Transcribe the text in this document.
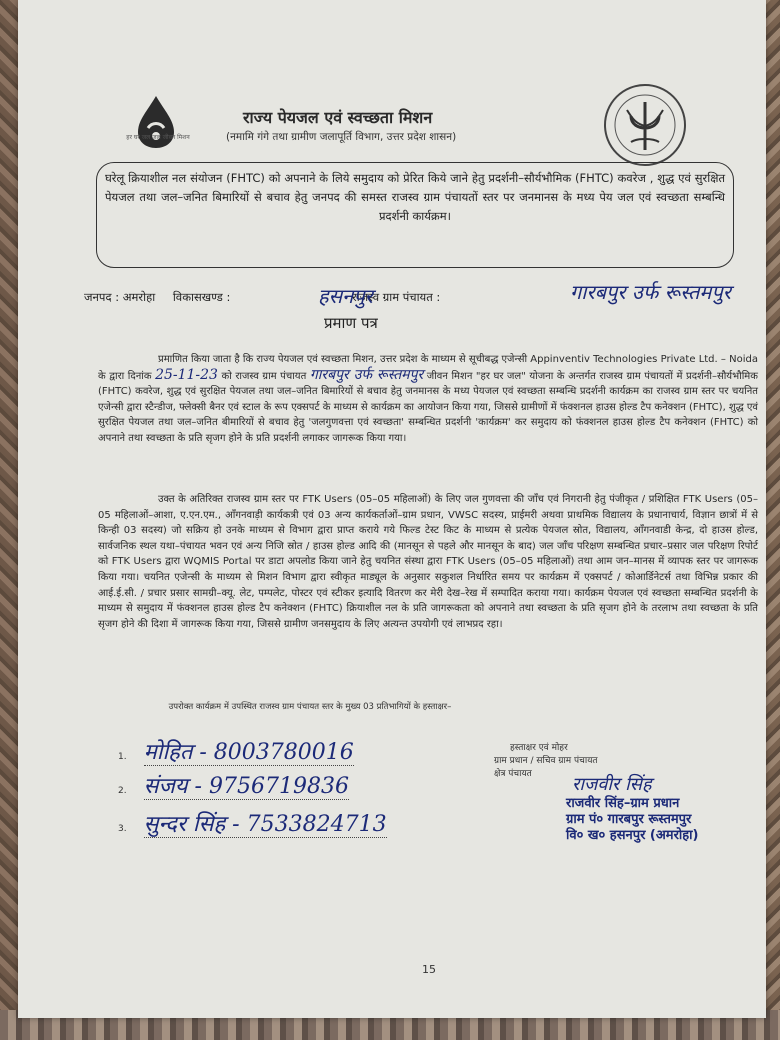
हर घर जल जल जीवन मिशन
राज्य पेयजल एवं स्वच्छता मिशन
(नमामि गंगे तथा ग्रामीण जलापूर्ति विभाग, उत्तर प्रदेश शासन)
घरेलू क्रियाशील नल संयोजन (FHTC) को अपनाने के लिये समुदाय को प्रेरित किये जाने हेतु प्रदर्शनी–सौर्यभौमिक (FHTC) कवरेज , शुद्ध एवं सुरक्षित पेयजल तथा जल–जनित बिमारियों से बचाव हेतु जनपद की समस्त राजस्व ग्राम पंचायतों स्तर पर जनमानस के मध्य पेय जल एवं स्वच्छता सम्बन्धि प्रदर्शनी कार्यक्रम।
जनपद : अमरोहा विकासखण्ड :	राजस्व ग्राम पंचायत :
हसनपुर	गारबपुर उर्फ रूस्तमपुर
प्रमाण पत्र
प्रमाणित किया जाता है कि राज्य पेयजल एवं स्वच्छता मिशन, उत्तर प्रदेश के माध्यम से सूचीबद्ध एजेन्सी Appinventiv Technologies Private Ltd. – Noida के द्वारा दिनांक 25-11-23 को राजस्व ग्राम पंचायत गारबपुर उर्फ रूस्तमपुर जीवन मिशन "हर घर जल" योजना के अन्तर्गत राजस्व ग्राम पंचायतों में प्रदर्शनी–सौर्यभौमिक (FHTC) कवरेज, शुद्ध एवं सुरक्षित पेयजल तथा जल–जनित बिमारियों से बचाव हेतु जनमानस के मध्य पेयजल एवं स्वच्छता सम्बन्धि प्रदर्शनी कार्यक्रम का राजस्व ग्राम स्तर पर चयनित एजेन्सी द्वारा स्टैन्डीज, फ्लेक्सी बैनर एवं स्टाल के रूप एक्सपर्ट के माध्यम से कार्यक्रम का आयोजन किया गया, जिससे ग्रामीणों में फंक्शनल हाउस होल्ड टैप कनेक्शन (FHTC), शुद्ध एवं सुरक्षित पेयजल तथा जल–जनित बीमारियों से बचाव हेतु 'जलगुणवत्ता एवं स्वच्छता' सम्बन्धित प्रदर्शनी 'कार्यक्रम' कर समुदाय को फंक्शनल हाउस होल्ड टैप कनेक्शन (FHTC) को अपनाने तथा स्वच्छता के प्रति सृजग होने के प्रति प्रदर्शनी लगाकर जागरूक किया गया।
उक्त के अतिरिक्त राजस्व ग्राम स्तर पर FTK Users (05–05 महिलाओं) के लिए जल गुणवत्ता की जाँच एवं निगरानी हेतु पंजीकृत / प्रशिक्षित FTK Users (05–05 महिलाओं–आशा, ए.एन.एम., आँगनवाड़ी कार्यकत्री एवं 03 अन्य कार्यकर्ताओं–ग्राम प्रधान, VWSC सदस्य, प्राईमरी अथवा प्राथमिक विद्यालय के प्रधानाचार्य, विज्ञान छात्रों में से किन्ही 03 सदस्य) जो सक्रिय हो उनके माध्यम से विभाग द्वारा प्राप्त कराये गये फिल्ड टेस्ट किट के माध्यम से प्रत्येक पेयजल स्रोत, विद्यालय, आँगनवाडी केन्द्र, दो हाउस होल्ड, सार्वजनिक स्थल यथा–पंचायत भवन एवं अन्य निजि स्रोत / हाउस होल्ड आदि की (मानसून से पहले और मानसून के बाद) जल जाँच परिक्षण सम्बन्धित प्रचार–प्रसार जल परिक्षण रिपोर्ट को FTK Users द्वारा WQMIS Portal पर डाटा अपलोड किया जाने हेतु चयनित संस्था द्वारा FTK Users (05–05 महिलाओं) तथा आम जन–मानस में व्यापक स्तर पर जागरूक किया गया। चयनित एजेन्सी के माध्यम से मिशन विभाग द्वारा स्वीकृत माड्यूल के अनुसार सकुशल निर्धारित समय पर कार्यक्रम में एक्सपर्ट / कोआर्डिनेटर्स तथा विभिन्न प्रकार की आई.ई.सी. / प्रचार प्रसार सामग्री–क्यू. लेट, पम्पलेट, पोस्टर एवं स्टीकर इत्यादि वितरण कर मेरी देख–रेख में सम्पादित कराया गया। कार्यक्रम पेयजल एवं स्वच्छता सम्बन्धित प्रदर्शनी के माध्यम से समुदाय में फंक्शनल हाउस होल्ड टैप कनेक्शन (FHTC) क्रियाशील नल के प्रति जागरूकता को अपनाने तथा स्वच्छता के प्रति सृजग होने के तरलाभ तथा स्वच्छता के प्रति सृजग होने की दिशा में जागरूक किया गया, जिससे ग्रामीण जनसमुदाय के लिए अत्यन्त उपयोगी एवं लाभप्रद रहा।
उपरोक्त कार्यक्रम में उपस्थित राजस्व ग्राम पंचायत स्तर के मुख्य 03 प्रतिभागियों के हस्ताक्षर–
1. मोहित - 8003780016
2. संजय - 9756719836
3. सुन्दर सिंह - 7533824713
हस्ताक्षर एवं मोहर
ग्राम प्रधान / सचिव ग्राम पंचायत
क्षेत्र पंचायत	राजवीर सिंह
राजवीर सिंह–ग्राम प्रधान
ग्राम पं० गारबपुर रूस्तमपुर
वि० ख० हसनपुर (अमरोहा)
15
